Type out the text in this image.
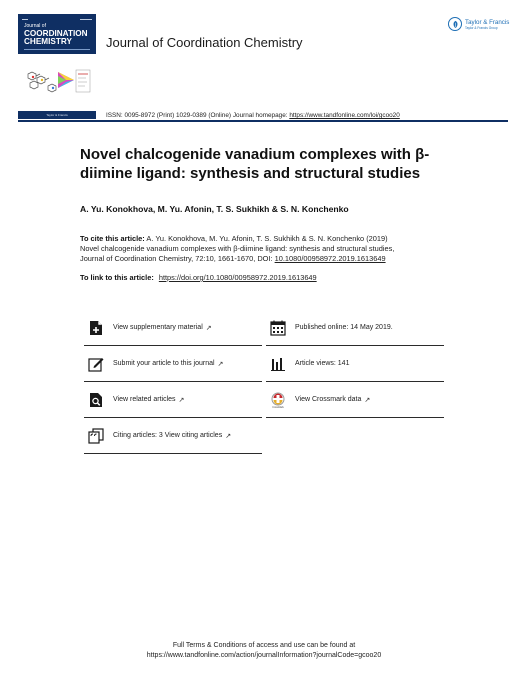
▬▬	▬▬▬▬
Journal of
COORDINATION
CHEMISTRY	Journal of Coordination Chemistry
Taylor & Francis
Taylor & Francis Group
Taylor & Francis	ISSN: 0095-8972 (Print) 1029-0389 (Online) Journal homepage: https://www.tandfonline.com/loi/gcoo20
Novel chalcogenide vanadium complexes with β-diimine ligand: synthesis and structural studies
A. Yu. Konokhova, M. Yu. Afonin, T. S. Sukhikh & S. N. Konchenko
To cite this article: A. Yu. Konokhova, M. Yu. Afonin, T. S. Sukhikh & S. N. Konchenko (2019)
Novel chalcogenide vanadium complexes with β-diimine ligand: synthesis and structural studies,
Journal of Coordination Chemistry, 72:10, 1661-1670, DOI: 10.1080/00958972.2019.1613649
To link to this article: https://doi.org/10.1080/00958972.2019.1613649
View supplementary material ↗	Published online: 14 May 2019.
Submit your article to this journal ↗	Article views: 141
View related articles ↗
CrossMark
View Crossmark data ↗
Citing articles: 3 View citing articles ↗
Full Terms & Conditions of access and use can be found at
https://www.tandfonline.com/action/journalInformation?journalCode=gcoo20
